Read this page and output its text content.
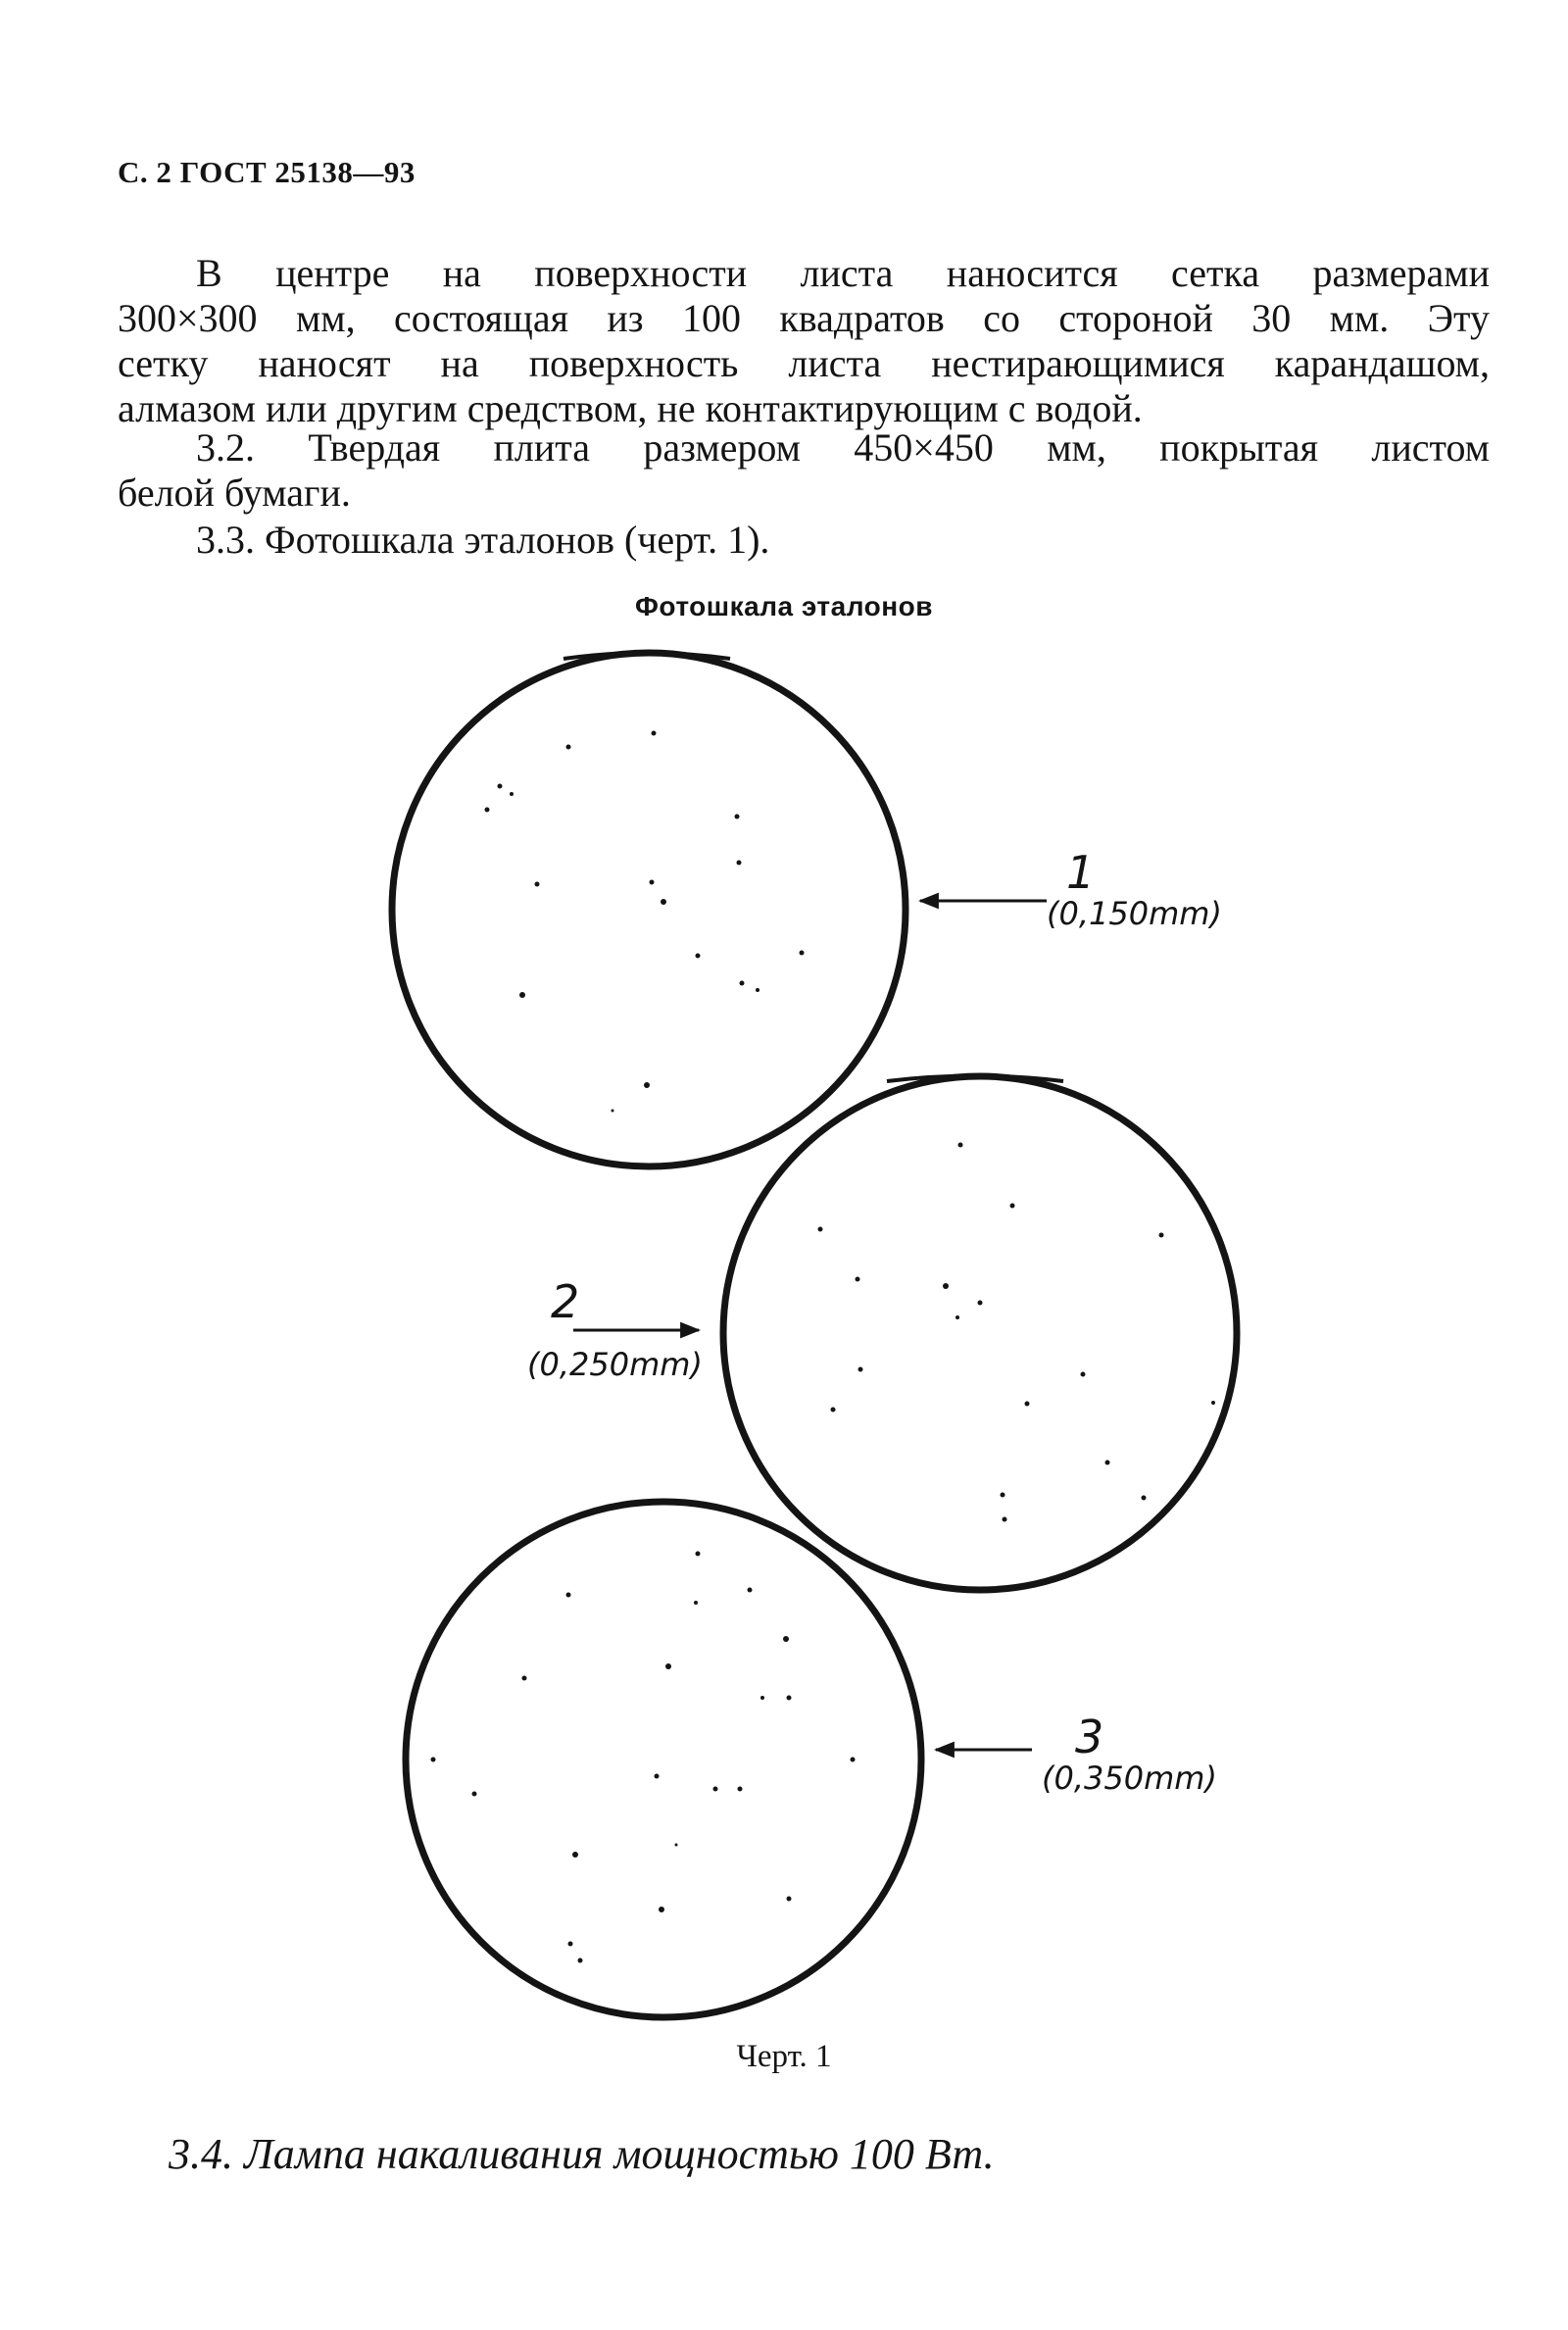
С. 2 ГОСТ 25138—93
В центре на поверхности листа наносится сетка размерами
300×300 мм, состоящая из 100 квадратов со стороной 30 мм. Эту
сетку наносят на поверхность листа нестирающимися карандашом,
алмазом или другим средством, не контактирующим с водой.
3.2. Твердая плита размером 450×450 мм, покрытая листом
белой бумаги.
3.3. Фотошкала эталонов (черт. 1).
Фотошкала эталонов
1
(0,150mm)
2
(0,250mm)
3
(0,350mm)
Черт. 1
3.4. Лампа накаливания мощностью 100 Вт.
